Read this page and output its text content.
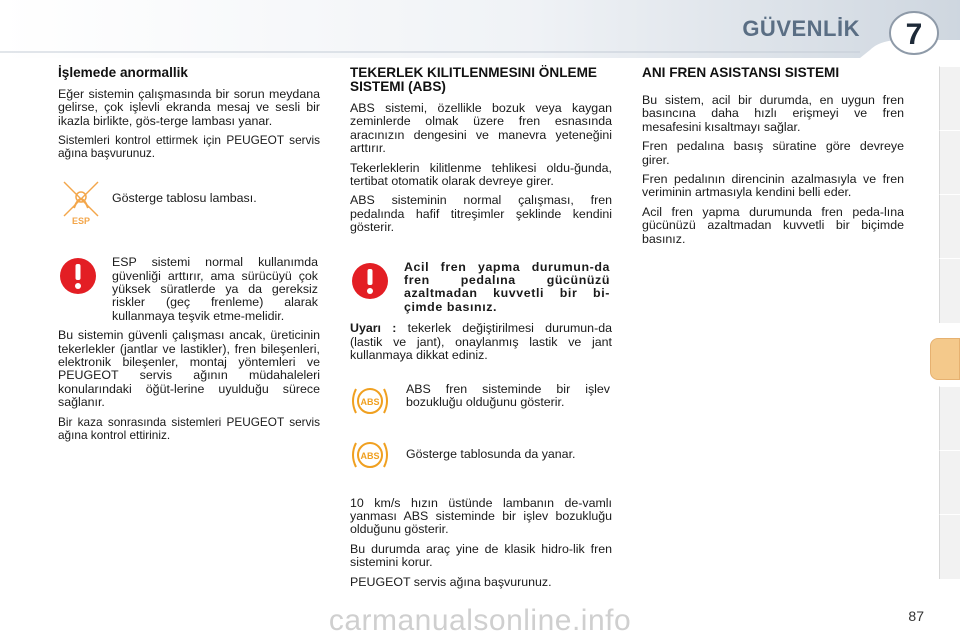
GÜVENLİK 7
İşlemede anormallik

Eğer sistemin çalışmasında bir sorun meydana gelirse, çok işlevli ekranda mesaj ve sesli bir ikazla birlikte, gös-terge lambası yanar.

Sistemleri kontrol ettirmek için PEUGEOT servis ağına başvurunuz.

ESP
Gösterge tablosu lambası.
ESP sistemi normal kullanımda güvenliği arttırır, ama sürücüyü çok yüksek süratlerde ya da gereksiz riskler (geç frenleme) alarak kullanmaya teşvik etme-melidir.

Bu sistemin güvenli çalışması ancak, üreticinin tekerlekler (jantlar ve lastikler), fren bileşenleri, elektronik bileşenler, montaj yöntemleri ve PEUGEOT servis ağının müdahaleleri konularındaki öğüt-lerine uyulduğu sürece sağlanır.

Bir kaza sonrasında sistemleri PEUGEOT servis ağına kontrol ettiriniz.

TEKERLEK KILITLENMESINI ÖNLEME SISTEMI (ABS)

ABS sistemi, özellikle bozuk veya kaygan zeminlerde olmak üzere fren esnasında aracınızın dengesini ve manevra yeteneğini arttırır.

Tekerleklerin kilitlenme tehlikesi oldu-ğunda, tertibat otomatik olarak devreye girer.

ABS sisteminin normal çalışması, fren pedalında hafif titreşimler şeklinde kendini gösterir.

Acil fren yapma durumun-da fren pedalına gücünüzü azaltmadan kuvvetli bir bi-çimde basınız.

Uyarı : tekerlek değiştirilmesi durumun-da (lastik ve jant), onaylanmış lastik ve jant kullanmaya dikkat ediniz.

ABS
ABS fren sisteminde bir işlev bozukluğu olduğunu gösterir.
ABS Gösterge tablosunda da yanar.

10 km/s hızın üstünde lambanın de-vamlı yanması ABS sisteminde bir işlev bozukluğu olduğunu gösterir.

Bu durumda araç yine de klasik hidro-lik fren sistemini korur.

PEUGEOT servis ağına başvurunuz.

ANI FREN ASISTANSI SISTEMI

Bu sistem, acil bir durumda, en uygun fren basıncına daha hızlı erişmeyi ve fren mesafesini kısaltmayı sağlar.

Fren pedalına basış süratine göre devreye girer.

Fren pedalının direncinin azalmasıyla ve fren veriminin artmasıyla kendini belli eder.

Acil fren yapma durumunda fren peda-lına gücünüzü azaltmadan kuvvetli bir biçimde basınız.

carmanualsonline.info	87
